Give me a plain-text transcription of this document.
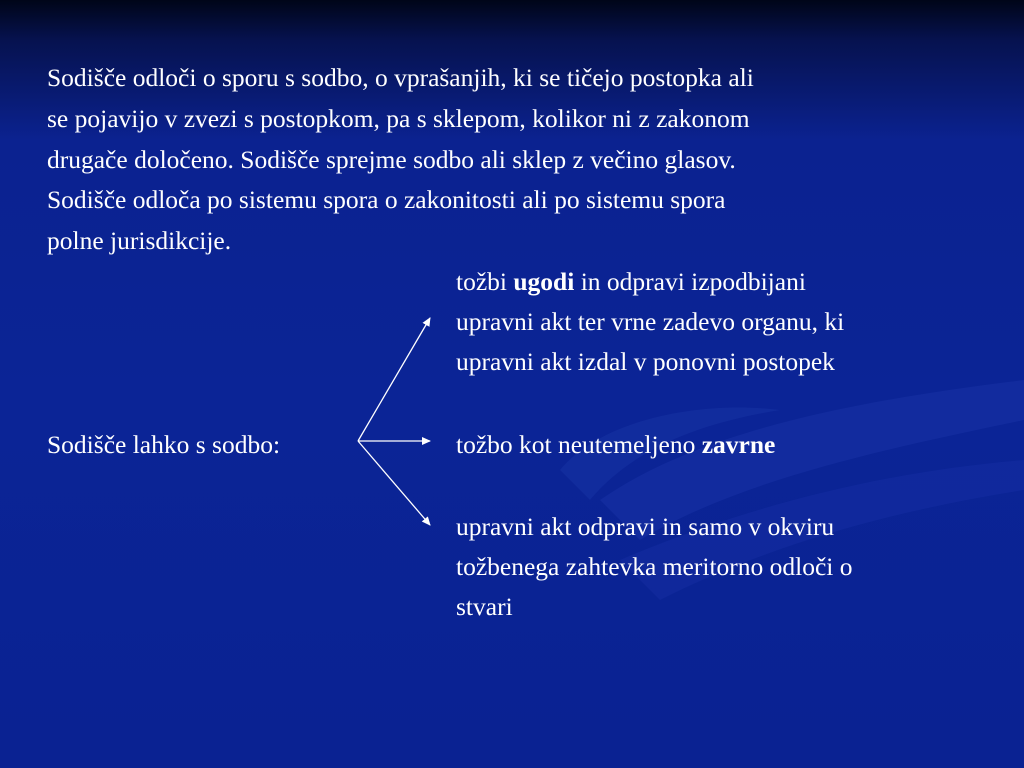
Sodišče odloči o sporu s sodbo, o vprašanjih, ki se tičejo postopka ali
se pojavijo v zvezi s postopkom, pa s sklepom, kolikor ni z zakonom
drugače določeno. Sodišče sprejme sodbo ali sklep z večino glasov.
Sodišče odloča po sistemu spora o zakonitosti ali po sistemu spora
polne jurisdikcije.
tožbi ugodi in odpravi izpodbijani
upravni akt ter vrne zadevo organu, ki
upravni akt izdal v ponovni postopek
Sodišče lahko s sodbo:	tožbo kot neutemeljeno zavrne
upravni akt odpravi in samo v okviru
tožbenega zahtevka meritorno odloči o
stvari
